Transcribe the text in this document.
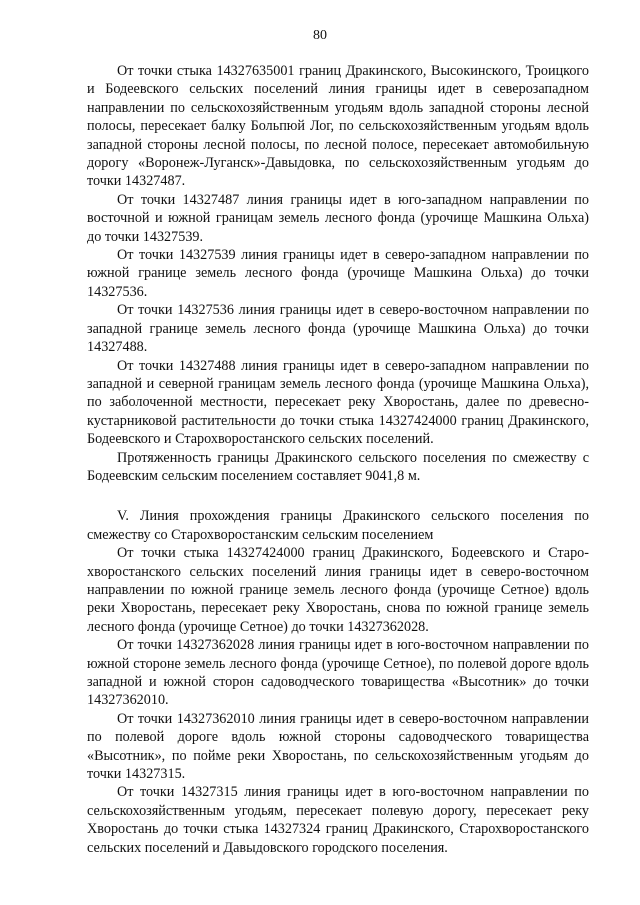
80

От точки стыка 14327635001 границ Дракинского, Высокинского, Троицкого и Бодеевского сельских поселений линия границы идет в северозападном направлении по сельскохозяйственным угодьям вдоль западной стороны лесной полосы, пересекает балку Больпюй Лог, по сельскохозяйственным угодьям вдоль западной стороны лесной полосы, по лесной полосе, пересекает автомобильную дорогу «Воронеж-Луганск»-Давыдовка, по сельскохозяйственным угодьям до точки 14327487.

От точки 14327487 линия границы идет в юго-западном направлении по восточной и южной границам земель лесного фонда (урочище Машкина Ольха) до точки 14327539.

От точки 14327539 линия границы идет в северо-западном направлении по южной границе земель лесного фонда (урочище Машкина Ольха) до точки 14327536.

От точки 14327536 линия границы идет в северо-восточном направлении по западной границе земель лесного фонда (урочище Машкина Ольха) до точки 14327488.

От точки 14327488 линия границы идет в северо-западном направлении по западной и северной границам земель лесного фонда (урочище Машкина Ольха), по заболоченной местности, пересекает реку Хворостань, далее по древесно-кустарниковой растительности до точки стыка 14327424000 границ Дракинского, Бодеевского и Старохворостанского сельских поселений.

Протяженность границы Дракинского сельского поселения по смежеству с Бодеевским сельским поселением составляет 9041,8 м.

V. Линия прохождения границы Дракинского сельского поселения по смежеству со Старохворостанским сельским поселением

От точки стыка 14327424000 границ Дракинского, Бодеевского и Старохворостанского сельских поселений линия границы идет в северо-восточном направлении по южной границе земель лесного фонда (урочище Сетное) вдоль реки Хворостань, пересекает реку Хворостань, снова по южной границе земель лесного фонда (урочище Сетное) до точки 14327362028.

От точки 14327362028 линия границы идет в юго-восточном направлении по южной стороне земель лесного фонда (урочище Сетное), по полевой дороге вдоль западной и южной сторон садоводческого товарищества «Высотник» до точки 14327362010.

От точки 14327362010 линия границы идет в северо-восточном направлении по полевой дороге вдоль южной стороны садоводческого товарищества «Высотник», по пойме реки Хворостань, по сельскохозяйственным угодьям до точки 14327315.

От точки 14327315 линия границы идет в юго-восточном направлении по сельскохозяйственным угодьям, пересекает полевую дорогу, пересекает реку Хворостань до точки стыка 14327324 границ Дракинского, Старохворостанского сельских поселений и Давыдовского городского поселения.
